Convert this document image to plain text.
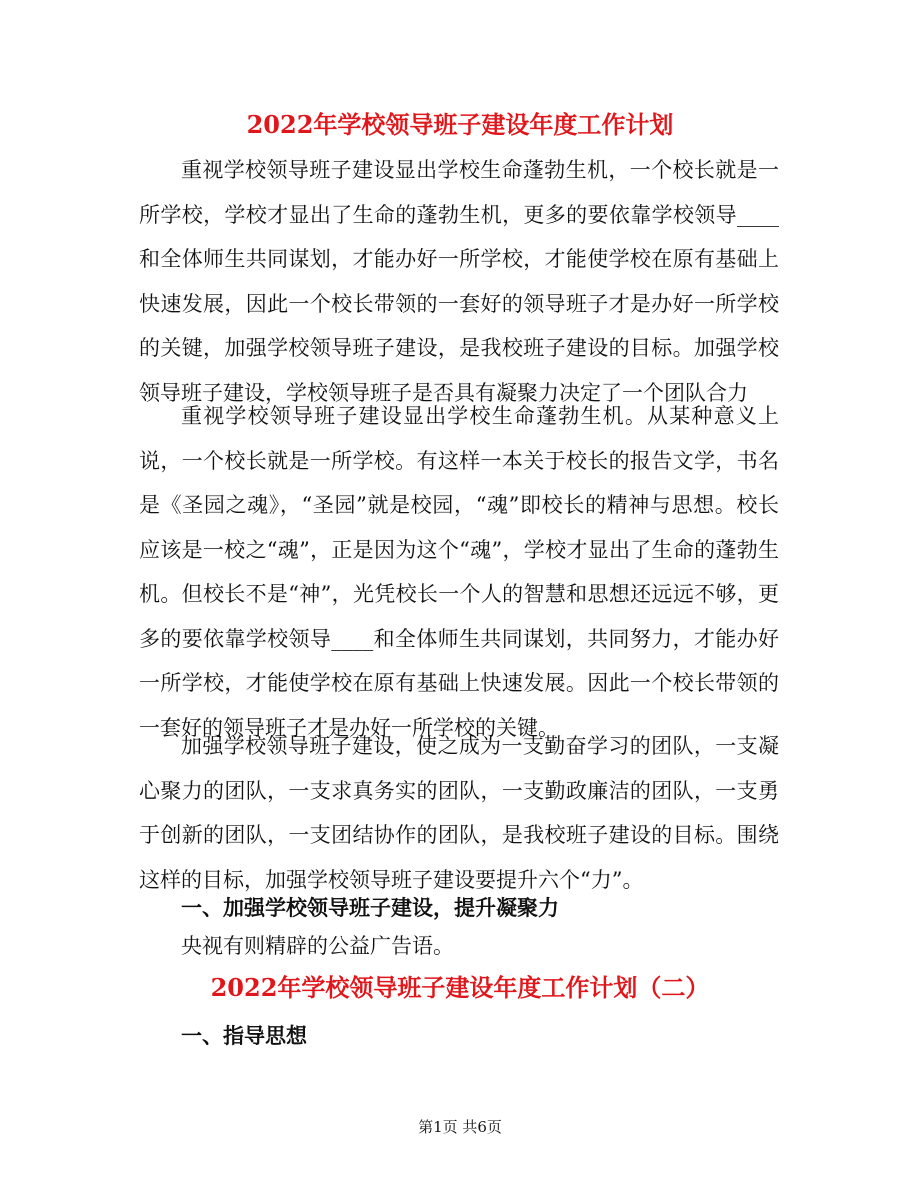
2022年学校领导班子建设年度工作计划

重视学校领导班子建设显出学校生命蓬勃生机，一个校长就是一所学校，学校才显出了生命的蓬勃生机，更多的要依靠学校领导____和全体师生共同谋划，才能办好一所学校，才能使学校在原有基础上快速发展，因此一个校长带领的一套好的领导班子才是办好一所学校的关键，加强学校领导班子建设，是我校班子建设的目标。加强学校领导班子建设，学校领导班子是否具有凝聚力决定了一个团队合力

重视学校领导班子建设显出学校生命蓬勃生机。从某种意义上说，一个校长就是一所学校。有这样一本关于校长的报告文学，书名是《圣园之魂》，“圣园”就是校园，“魂”即校长的精神与思想。校长应该是一校之“魂”，正是因为这个“魂”，学校才显出了生命的蓬勃生机。但校长不是“神”，光凭校长一个人的智慧和思想还远远不够，更多的要依靠学校领导____和全体师生共同谋划，共同努力，才能办好一所学校，才能使学校在原有基础上快速发展。因此一个校长带领的一套好的领导班子才是办好一所学校的关键。

加强学校领导班子建设，使之成为一支勤奋学习的团队，一支凝心聚力的团队，一支求真务实的团队，一支勤政廉洁的团队，一支勇于创新的团队，一支团结协作的团队，是我校班子建设的目标。围绕这样的目标，加强学校领导班子建设要提升六个“力”。

一、加强学校领导班子建设，提升凝聚力
央视有则精辟的公益广告语。
2022年学校领导班子建设年度工作计划（二）
一、指导思想
第1页 共6页
